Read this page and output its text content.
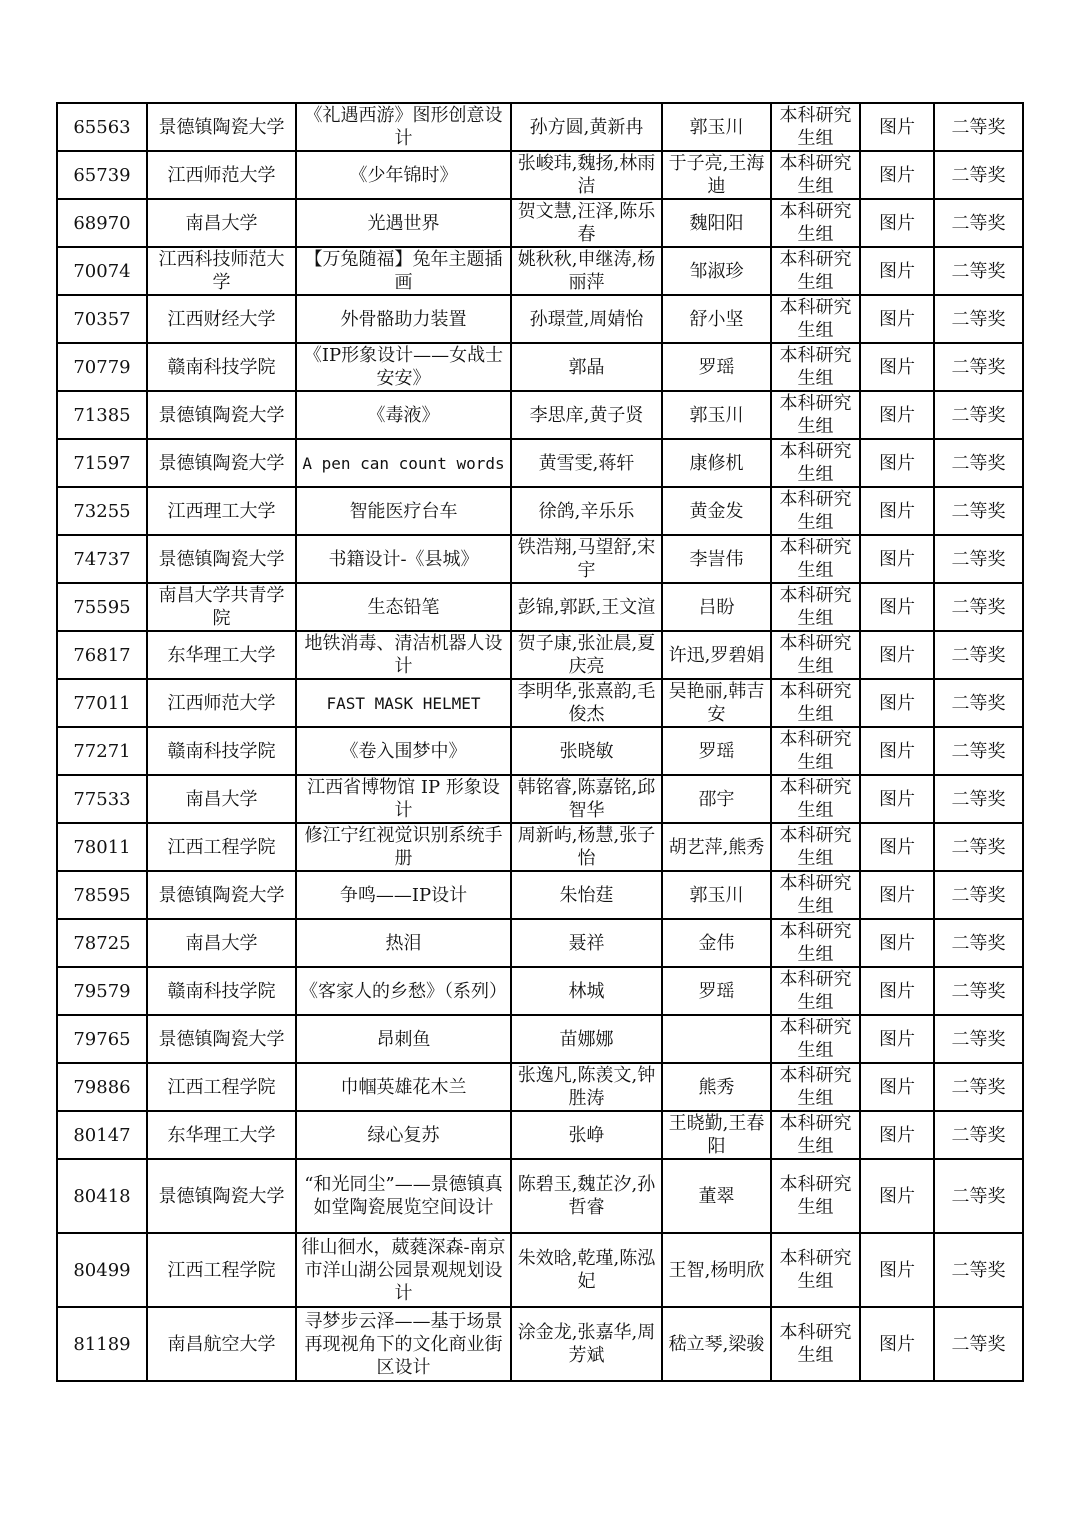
65563	景德镇陶瓷大学	《礼遇西游》图形创意设计	孙方圆,黄新冉	郭玉川	本科研究生组	图片	二等奖
65739	江西师范大学	《少年锦时》	张峻玮,魏扬,林雨洁	于子亮,王海迪	本科研究生组	图片	二等奖
68970	南昌大学	光遇世界	贺文慧,汪泽,陈乐春	魏阳阳	本科研究生组	图片	二等奖
70074	江西科技师范大学	【万兔随福】兔年主题插画	姚秋秋,申继涛,杨丽萍	邹淑珍	本科研究生组	图片	二等奖
70357	江西财经大学	外骨骼助力装置	孙璟萱,周婧怡	舒小坚	本科研究生组	图片	二等奖
70779	赣南科技学院	《IP形象设计——女战士安安》	郭晶	罗瑶	本科研究生组	图片	二等奖
71385	景德镇陶瓷大学	《毒液》	李思庠,黄子贤	郭玉川	本科研究生组	图片	二等奖
71597	景德镇陶瓷大学	A pen can count words	黄雪雯,蒋轩	康修机	本科研究生组	图片	二等奖
73255	江西理工大学	智能医疗台车	徐鸽,辛乐乐	黄金发	本科研究生组	图片	二等奖
74737	景德镇陶瓷大学	书籍设计-《县城》	铁浩翔,马望舒,宋宇	李訔伟	本科研究生组	图片	二等奖
75595	南昌大学共青学院	生态铅笔	彭锦,郭跃,王文渲	吕盼	本科研究生组	图片	二等奖
76817	东华理工大学	地铁消毒、清洁机器人设计	贺子康,张沚晨,夏庆亮	许迅,罗碧娟	本科研究生组	图片	二等奖
77011	江西师范大学	FAST MASK HELMET	李明华,张熹韵,毛俊杰	吴艳丽,韩吉安	本科研究生组	图片	二等奖
77271	赣南科技学院	《卷入围梦中》	张晓敏	罗瑶	本科研究生组	图片	二等奖
77533	南昌大学	江西省博物馆 IP 形象设计	韩铭睿,陈嘉铭,邱智华	邵宇	本科研究生组	图片	二等奖
78011	江西工程学院	修江宁红视觉识别系统手册	周新屿,杨慧,张子怡	胡艺萍,熊秀	本科研究生组	图片	二等奖
78595	景德镇陶瓷大学	争鸣——IP设计	朱怡莛	郭玉川	本科研究生组	图片	二等奖
78725	南昌大学	热泪	聂祥	金伟	本科研究生组	图片	二等奖
79579	赣南科技学院	《客家人的乡愁》（系列）	林城	罗瑶	本科研究生组	图片	二等奖
79765	景德镇陶瓷大学	昂刺鱼	苗娜娜		本科研究生组	图片	二等奖
79886	江西工程学院	巾帼英雄花木兰	张逸凡,陈羡文,钟胜涛	熊秀	本科研究生组	图片	二等奖
80147	东华理工大学	绿心复苏	张峥	王晓勤,王春阳	本科研究生组	图片	二等奖
80418	景德镇陶瓷大学	“和光同尘”——景德镇真如堂陶瓷展览空间设计	陈碧玉,魏芷汐,孙哲睿	董翠	本科研究生组	图片	二等奖
80499	江西工程学院	徘山徊水，葳蕤深森-南京市洋山湖公园景观规划设计	朱效晗,乾瑾,陈泓妃	王智,杨明欣	本科研究生组	图片	二等奖
81189	南昌航空大学	寻梦步云泽——基于场景再现视角下的文化商业街区设计	涂金龙,张嘉华,周芳斌	嵇立琴,梁骏	本科研究生组	图片	二等奖
